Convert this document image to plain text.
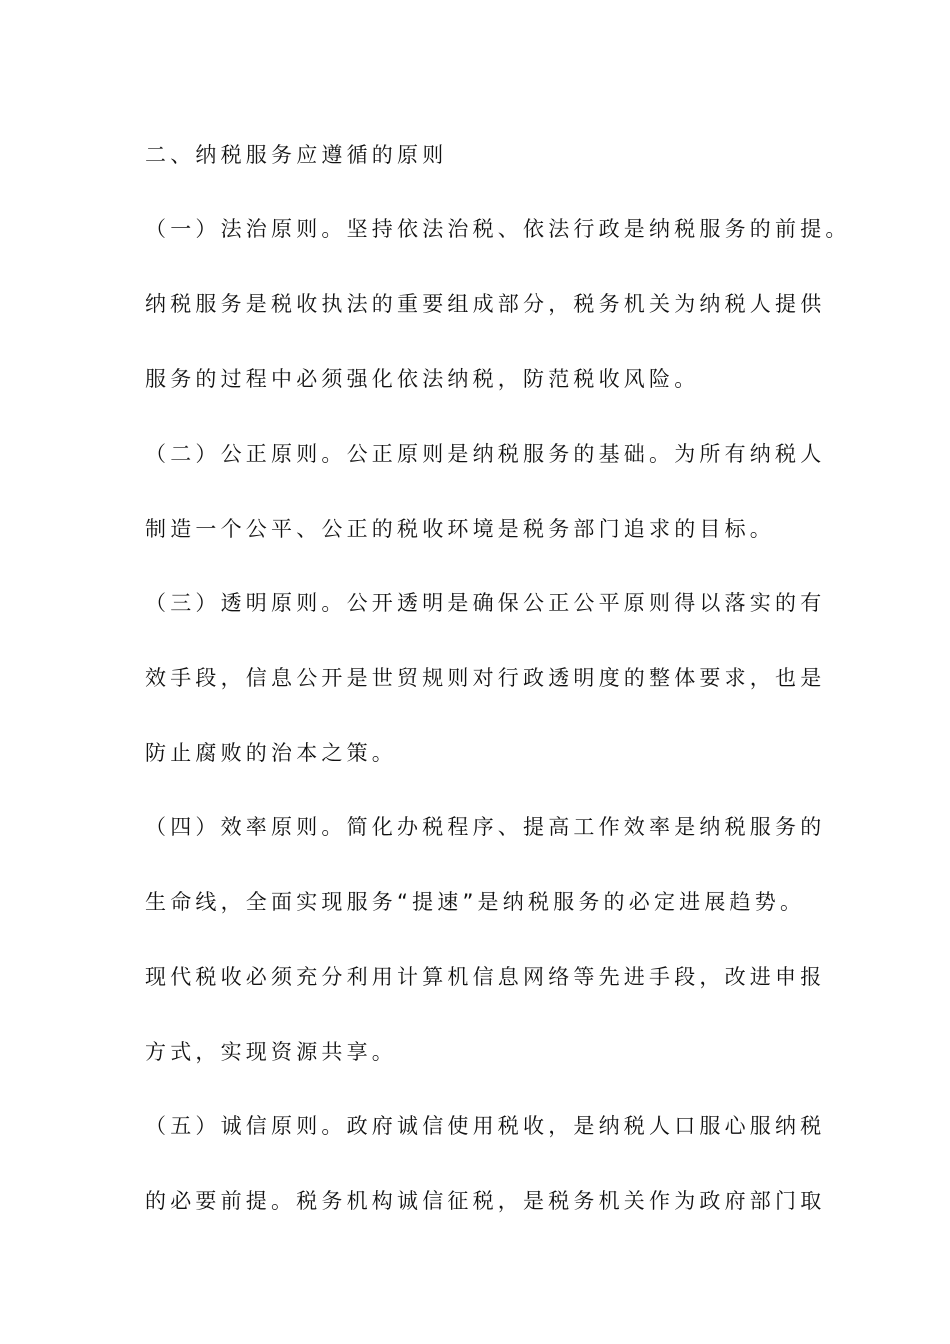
二、纳税服务应遵循的原则
（一）法治原则。坚持依法治税、依法行政是纳税服务的前提。
纳税服务是税收执法的重要组成部分，税务机关为纳税人提供
服务的过程中必须强化依法纳税，防范税收风险。
（二）公正原则。公正原则是纳税服务的基础。为所有纳税人
制造一个公平、公正的税收环境是税务部门追求的目标。
（三）透明原则。公开透明是确保公正公平原则得以落实的有
效手段，信息公开是世贸规则对行政透明度的整体要求，也是
防止腐败的治本之策。
（四）效率原则。简化办税程序、提高工作效率是纳税服务的
生命线，全面实现服务“提速”是纳税服务的必定进展趋势。
现代税收必须充分利用计算机信息网络等先进手段，改进申报
方式，实现资源共享。
（五）诚信原则。政府诚信使用税收，是纳税人口服心服纳税
的必要前提。税务机构诚信征税，是税务机关作为政府部门取
